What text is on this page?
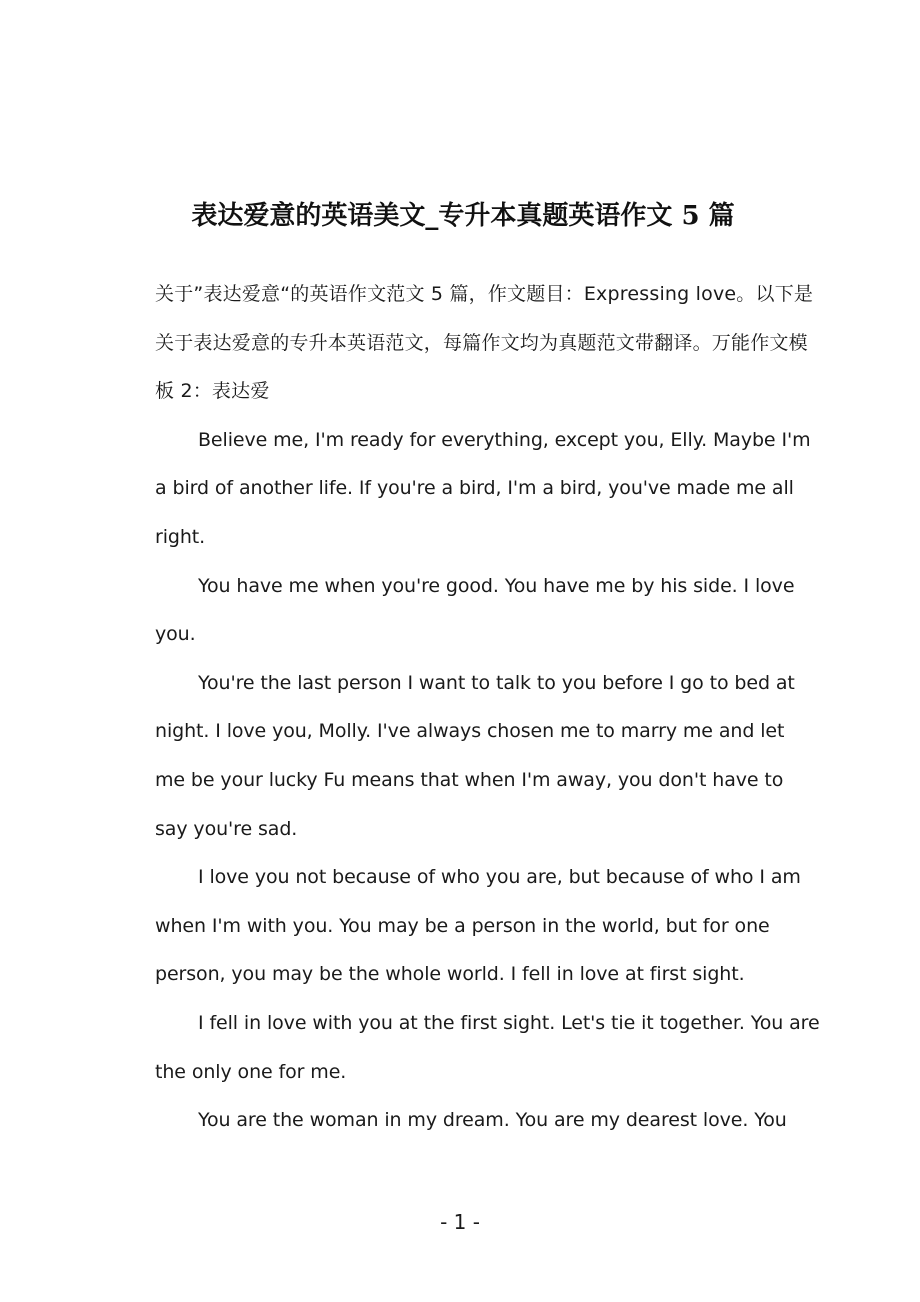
表达爱意的英语美文_专升本真题英语作文 5 篇

关于”表达爱意“的英语作文范文 5 篇，作文题目：Expressing love。以下是关于表达爱意的专升本英语范文，每篇作文均为真题范文带翻译。万能作文模板 2：表达爱

Believe me, I'm ready for everything, except you, Elly. Maybe I'm a bird of another life. If you're a bird, I'm a bird, you've made me all right.

You have me when you're good. You have me by his side. I love you.

You're the last person I want to talk to you before I go to bed at night. I love you, Molly. I've always chosen me to marry me and let me be your lucky Fu means that when I'm away, you don't have to say you're sad.

I love you not because of who you are, but because of who I am when I'm with you. You may be a person in the world, but for one person, you may be the whole world. I fell in love at first sight.

I fell in love with you at the first sight. Let's tie it together. You are the only one for me.

You are the woman in my dream. You are my dearest love. You

- 1 -
